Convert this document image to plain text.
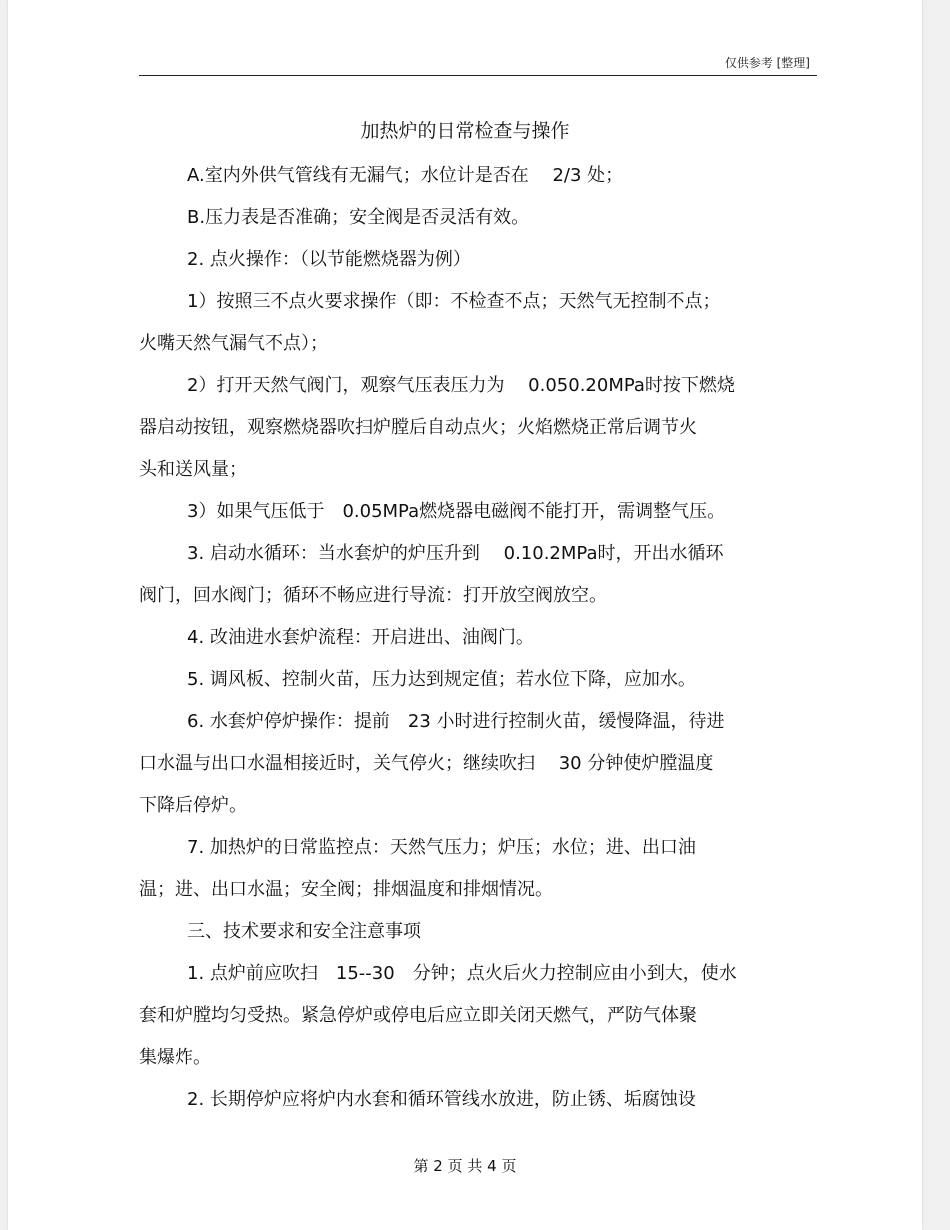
仅供参考 [整理]
加热炉的日常检查与操作
A.室内外供气管线有无漏气；水位计是否在　 2/3 处；
B.压力表是否准确；安全阀是否灵活有效。
2. 点火操作：（以节能燃烧器为例）
1）按照三不点火要求操作（即：不检查不点；天然气无控制不点；
火嘴天然气漏气不点）；
2）打开天然气阀门，观察气压表压力为　 0.050.20MPa时按下燃烧
器启动按钮，观察燃烧器吹扫炉膛后自动点火；火焰燃烧正常后调节火
头和送风量；
3）如果气压低于　0.05MPa燃烧器电磁阀不能打开，需调整气压。
3. 启动水循环：当水套炉的炉压升到　 0.10.2MPa时，开出水循环
阀门，回水阀门；循环不畅应进行导流：打开放空阀放空。
4. 改油进水套炉流程：开启进出、油阀门。
5. 调风板、控制火苗，压力达到规定值；若水位下降，应加水。
6. 水套炉停炉操作：提前　23 小时进行控制火苗，缓慢降温，待进
口水温与出口水温相接近时，关气停火；继续吹扫　 30 分钟使炉膛温度
下降后停炉。
7. 加热炉的日常监控点：天然气压力；炉压；水位；进、出口油
温；进、出口水温；安全阀；排烟温度和排烟情况。
三、技术要求和安全注意事项
1. 点炉前应吹扫　15--30　分钟；点火后火力控制应由小到大，使水
套和炉膛均匀受热。紧急停炉或停电后应立即关闭天燃气，严防气体聚
集爆炸。
2. 长期停炉应将炉内水套和循环管线水放进，防止锈、垢腐蚀设
第 2 页 共 4 页
